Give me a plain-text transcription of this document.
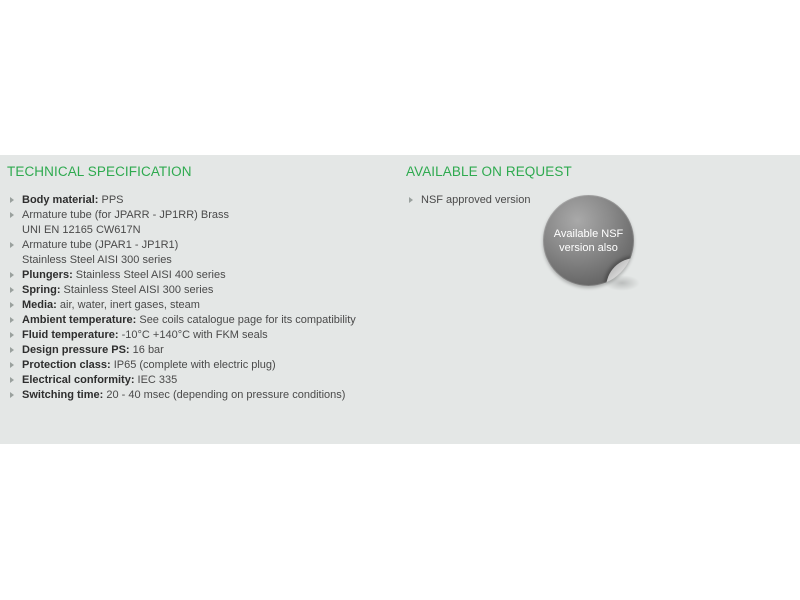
TECHNICAL SPECIFICATION
Body material: PPS
Armature tube (for JPARR - JP1RR) Brass
UNI EN 12165 CW617N
Armature tube (JPAR1 - JP1R1)
Stainless Steel AISI 300 series
Plungers: Stainless Steel AISI 400 series
Spring: Stainless Steel AISI 300 series
Media: air, water, inert gases, steam
Ambient temperature: See coils catalogue page for its compatibility
Fluid temperature: -10°C +140°C with FKM seals
Design pressure PS: 16 bar
Protection class: IP65 (complete with electric plug)
Electrical conformity: IEC 335
Switching time: 20 - 40 msec (depending on pressure conditions)
AVAILABLE ON REQUEST
NSF approved version
Available NSF
version also
